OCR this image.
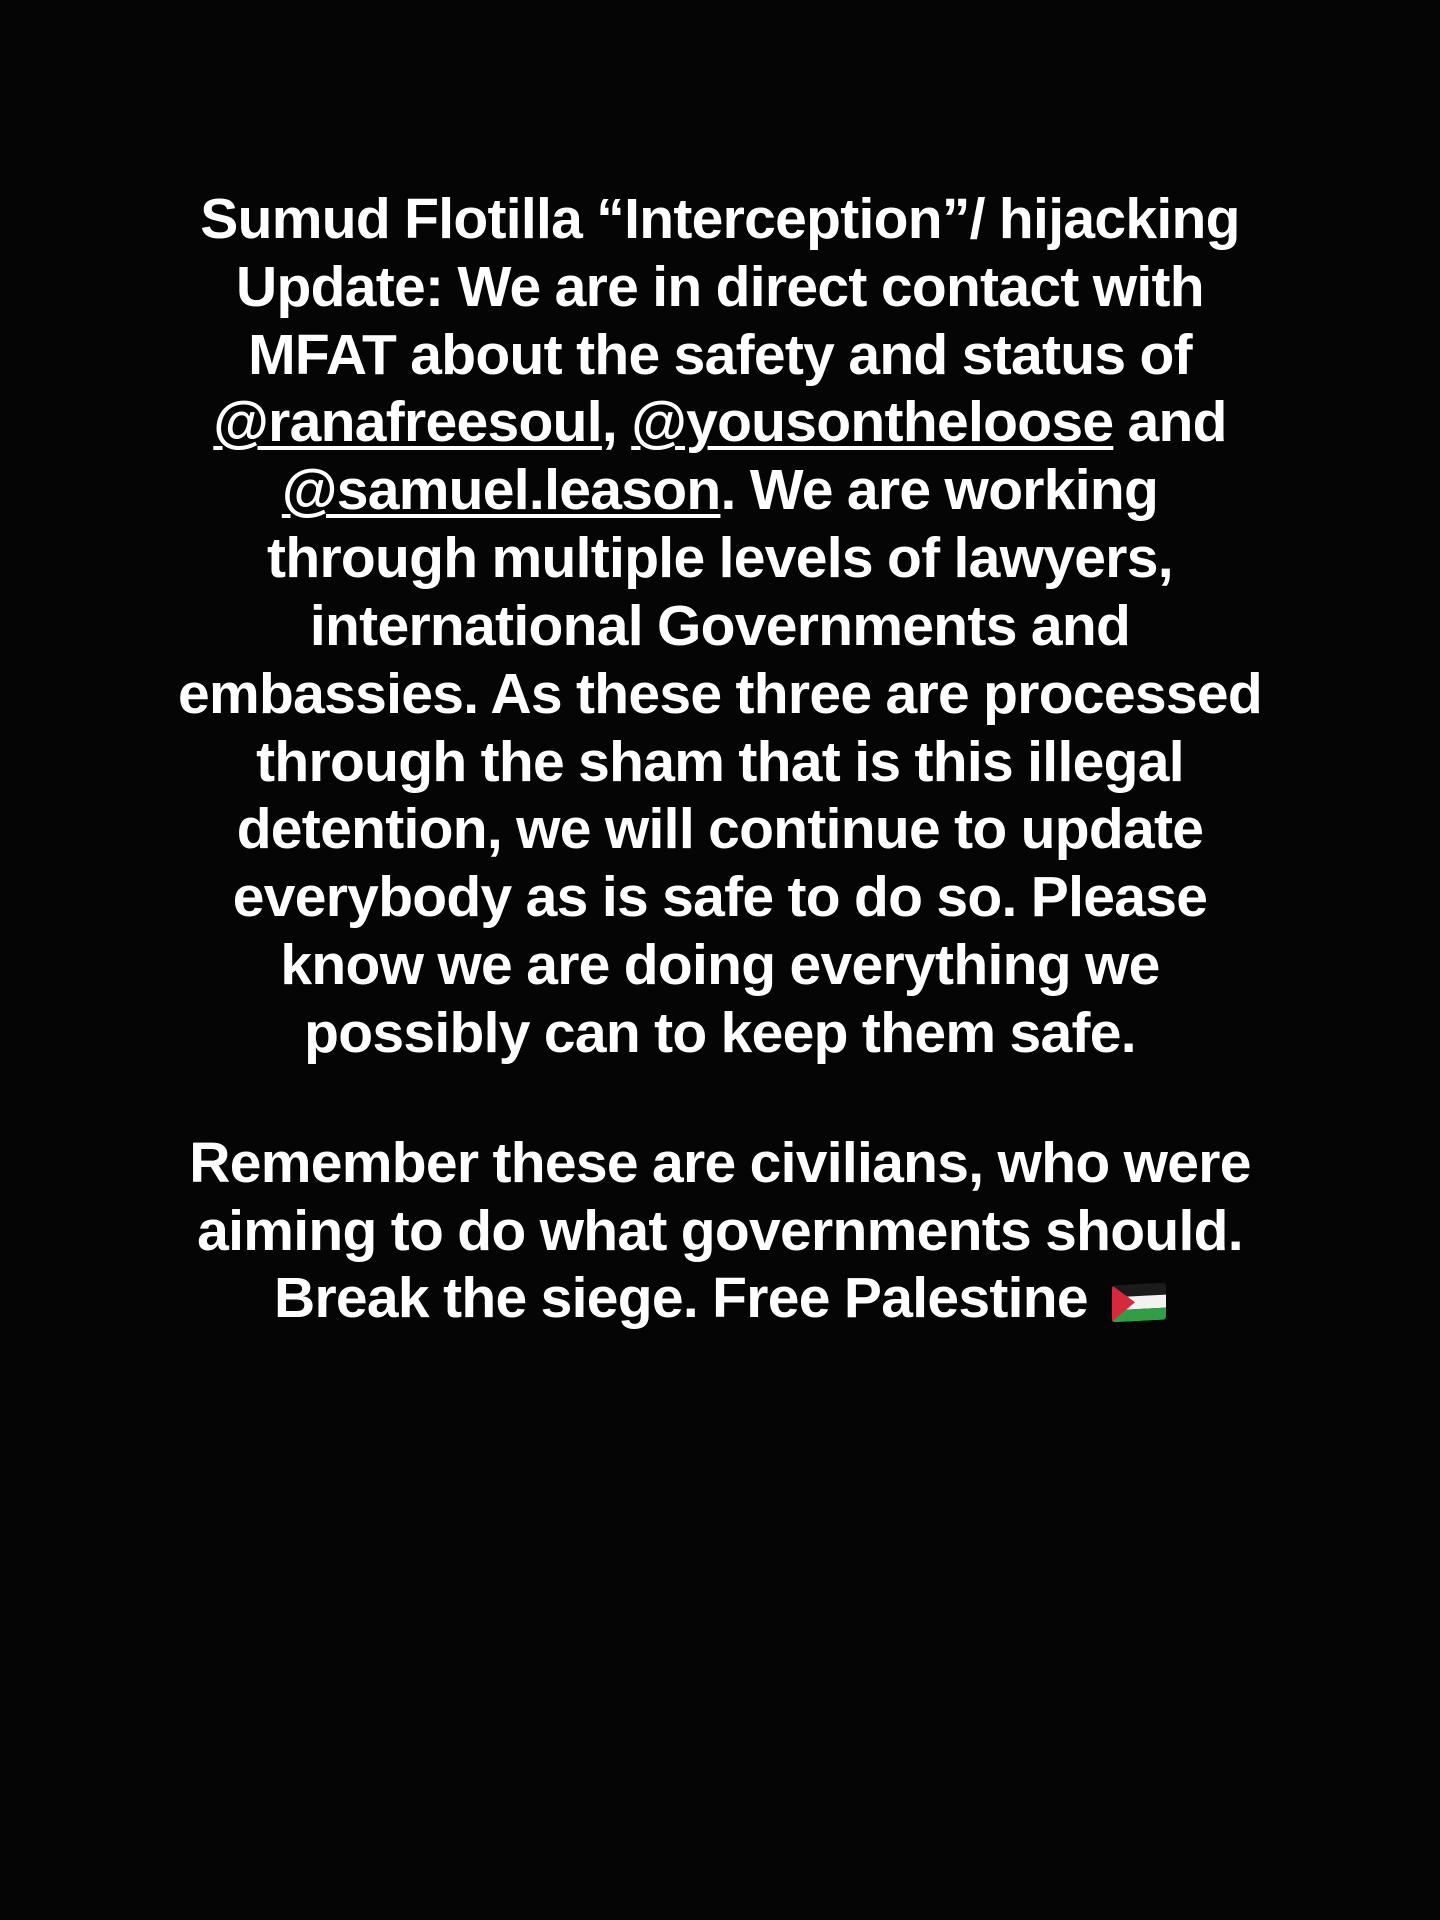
Sumud Flotilla “Interception”/ hijacking Update: We are in direct contact with MFAT about the safety and status of @ranafreesoul, @yousontheloose and @samuel.leason. We are working through multiple levels of lawyers, international Governments and embassies. As these three are processed through the sham that is this illegal detention, we will continue to update everybody as is safe to do so. Please know we are doing everything we possibly can to keep them safe.
Remember these are civilians, who were aiming to do what governments should. Break the siege. Free Palestine
